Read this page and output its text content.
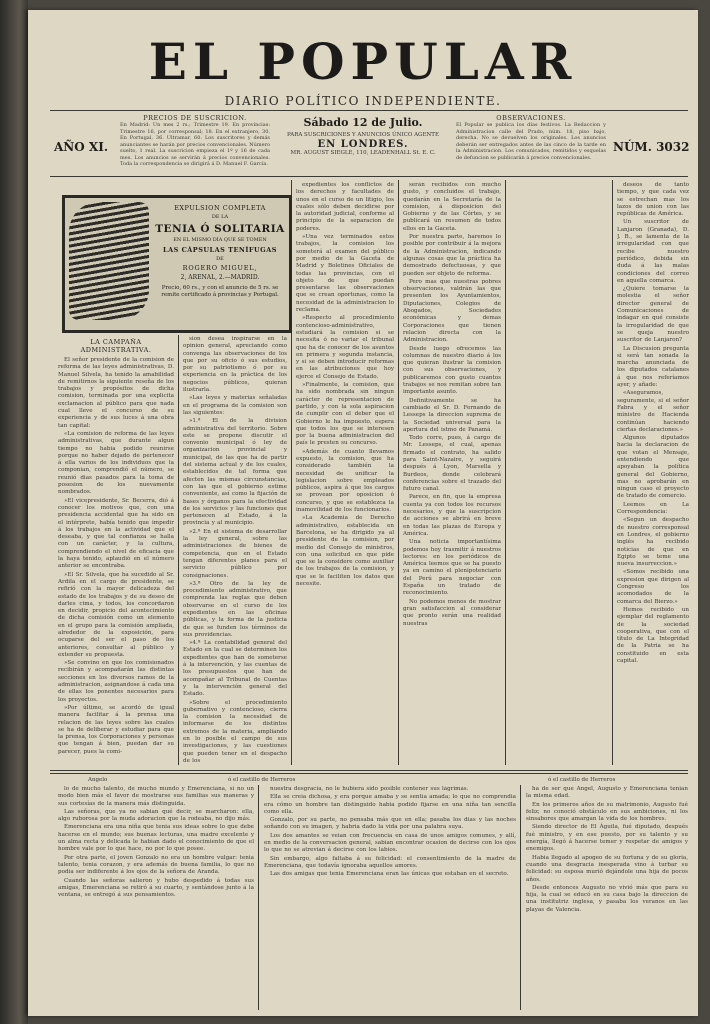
EL POPULAR
DIARIO POLÍTICO INDEPENDIENTE.
AÑO XI.
PRECIOS DE SUSCRICION.
En Madrid: Un mes 2 rs.; Trimestre 19. En provincias: Trimestre 16, por corresponsal; 18. En el extranjero, 30. En Portugal, 36. Ultramar, 60. Los suscritores y demás anunciantes se harán por precios convencionales. Número suelto, 1 real. La suscricion empieza el 1º y 16 de cada mes. Los anuncios se servirán á precios convencionales. Toda la correspondencia se dirigirá á D. Manuel F. García.
Sábado 12 de Julio.
PARA SUSCRICIONES Y ANUNCIOS ÚNICO AGENTE
EN LONDRES.
MR. AUGUST SIEGLE, 110, LEADENHALL St. E. C.
OBSERVACIONES.
El Popular se publica los días festivos. La Redaccion y Administracion calle del Prado, núm. 18, piso bajo, derecha. No se devuelven los originales. Los anuncios deberán ser entregados antes de las cinco de la tarde en la Administracion. Los comunicados, remitidos y esquelas de defuncion se publicarán á precios convencionales.
NÚM. 3032
EXPULSION COMPLETA
DE LA
TENIA Ó SOLITARIA
EN EL MISMO DÍA QUE SE TOMEN
LAS CÁPSULAS TENÍFUGAS
DE
ROGERO MIGUEL,
2, ARENAL, 2.—MADRID.
Precio, 60 rs., y con el anuncio de 5 rs. se remite certificado á provincias y Portugal.
LA CAMPAÑA ADMINISTRATIVA.

El señor presidente de la comision de reforma de las leyes administrativas, D. Manuel Silvela, ha tenido la amabilidad de remitirnos la siguiente reseña de los trabajos y propósitos de dicha comision, terminada por una explicita exclamacion al público para que nada cual lleve el concurso de su experiencia y de sus luces á una obra tan capital:

«La comision de reforma de las leyes administrativas, que durante algun tiempo no habia podido reunirse porque no haber dejado de pertenecer á ella varios de los individuos que la componian, comprendió el número, se reunió dias pasados para la toma de posesion de los nuevamente nombrados.

»El vicepresidente, Sr. Becerra, dió á conocer los motivos que, con una presidencia accidental que ha sido en el intérprete, había tenido que impedir á los trabajos en la actividad que el deseaba, y que tal confianza se halla con un carácter, y la cultura, comprendiendo el nivel de eficacia que la haya tenido, aplaudió en el número anterior se encontraba.

»El Sr. Silvela, que ha sucedido al Sr. Ardila en el cargo de presidente, se refirió con la mayor delicadeza del estado de los trabajos y de su deseo de darles cima, y todos, los concordaron en decidir, propicio del acontecimiento de dicha comisión como un elemento en el grupo para la comisión ampliada, alrededor de la exposición, para ocuparse del ser el paso de los anteriores, consultar al público y extender su propuesta.

»Se convino en que los comisionados recibirán y acompañarán las distintas secciones en los diversos ramos de la administracion, asignandose á cada una de ellas los ponentes necesarios para los proyectos.

»Por último, se acordó de igual manera facilitar á la prensa una relacion de las leyes sobre las cuales se ha de deliberar y estudiar para que la prensa, los Corporaciones y personas que tengan á bien, puedan dar su parecer, pues la comi-

sion desea inspirarse en la opinion general, apreciando como convenga las observaciones de los que por su oficio ó sus estudios, por su patriotismo ó por su experiencia en la práctica de los negocios públicos, quieran ilustrarla.

»Las leyes y materias señaladas en el programa de la comision son las siguientes:

»1.ª El de la division administrativa del territorio. Sobre este se propone discutir el convenio municipal ó ley de organizacion provincial y municipal, de las que ha de partir del sistema actual y de los cuales, establecidos de tal forma que afecten las mismas circunstancias, con las que el gobierno estime conveniente, así como la fijación de bases y órganos para la efectividad de los servicios y las funciones que pertenecen al Estado, á la provincia y al municipio.

»2.ª En el sistema de desarrollar la ley general, sobre las administraciones de bienes de competencia, que en el Estado tengan diferentes planes para el servicio público por consignaciones.

»3.ª Otro de la ley de procedimiento administrativo, que comprenda las reglas que deben observarse en el curso de los expedientes en las oficinas públicas, y la forma de la justicia de que se funden los términos de sus providencias.

»4.ª La contabilidad general del Estado en la cual se determinen los expedientes que han de someterse á la intervención, y las cuentas de los presupuestos que han de acompañar al Tribunal de Cuentas y la intervención general del Estado.

»Sobre el procedimiento gubernativo y contencioso, cierra la comision la necesidad de informarse de los distintos extremos de la materia, ampliando en lo posible el campo de sus investigaciones, y las cuestiones que pueden tener en el despacho de los

expedientes los conflictos de los derechos y facultades de unos en el curso de un litigio, los cuales sólo deben decidirse por la autoridad judicial, conforme al principio de la separacion de poderes.

»Una vez terminados estos trabajos, la comision los someterá al examen del público por medio de la Gaceta de Madrid y Boletines Oficiales de todas las provincias, con el objeto de que puedan presentarse las observaciones que se crean oportunas, como la necesidad de la administracion lo reclama.

»Respecto al procedimiento contencioso-administrativo, estudiará la comision si se necesita ó no variar el tribunal que ha de conocer de los asuntos en primera y segunda instancia, y si se deben introducir reformas en las atribuciones que hoy ejerce el Consejo de Estado.

»Finalmente, la comision, que ha sido nombrada sin ningun carácter de representacion de partido, y con la sola aspiracion de cumplir con el deber que el Gobierno le ha impuesto, espera que todos los que se interesen por la buena administracion del país le presten su concurso.

»Además de cuanto llevamos expuesto, la comision, que ha considerado también la necesidad de unificar la legislacion sobre empleados públicos, aspira á que los cargos se provean por oposicion ó concurso, y que se establezca la inamovilidad de los funcionarios.

»La Academia de Derecho administrativo, establecida en Barcelona, se ha dirigido ya al presidente de la comision, por medio del Consejo de ministros, con una solicitud en que pide que se la considere como auxiliar de los trabajos de la comision, y que se le faciliten los datos que necesite.

serán recibidos con mucho gusto, y concluidos el trabajo, quedarán en la Secretaría de la comision, á disposicion del Gobierno y de las Córtes, y se publicará un resumen de todos ellos en la Gaceta.

Por nuestra parte, haremos lo posible por contribuir á la mejora de la Administracion, indicando algunas cosas que la práctica ha demostrado defectuosas, y que pueden ser objeto de reforma.

Pero mas que nuestras pobres observaciones, valdrán las que presenten los Ayuntamientos, Diputaciones, Colegios de Abogados, Sociedades económicas y demas Corporaciones que tienen relacion directa con la Administracion.

Desde luego ofrecemos las columnas de nuestro diario á los que quieran ilustrar la comision con sus observaciones, y publicaremos con gusto cuantos trabajos se nos remitan sobre tan importante asunto.

Definitivamente se ha cambiado el Sr. D. Fernando de Lesseps la direccion suprema de la Sociedad universal para la apertura del istmo de Panamá.

Todo corre, pues, á cargo de Mr. Lesseps, el cual, apenas firmado el contrato, ha salido para Saint-Nazaire, y seguirá después á Lyon, Marsella y Burdeos, donde celebrará conferencias sobre el trazado del futuro canal.

Parece, en fin, que la empresa cuenta ya con todos los recursos necesarios, y que la suscripcion de acciones se abrirá en breve en todas las plazas de Europa y América.

Una noticia importantísima podemos hoy trasmitir á nuestros lectores: en los periódicos de América leemos que se ha puesto ya en camino el plenipotenciario del Perú para negociar con España un tratado de reconocimiento.

No podemos menos de mostrar gran satisfaccion al considerar que pronto serán una realidad nuestras

deseos de tanto tiempo, y que cada vez se estrechan mas los lazos de union con las repúblicas de América.

Un suscritor de Lanjaron (Granada), D. J. B., se lamenta de la irregularidad con que recibe nuestro periódico, debida sin duda á las malas condiciones del correo en aquella comarca.

¿Quiere tomarse la molestia el señor director general de Comunicaciones de indagar en qué consiste la irregularidad de que se queja nuestro suscritor de Lanjaron?

La Discusion pregunta si será tan sonada la marcha anunciada de los diputados catalanes á que nos referíamos ayer, y añade:

«Aseguramos, seguramente, si el señor Fabra y el señor ministro de Hacienda continúan haciendo ciertas declaraciones.»

Algunos diputados hacia la declaracion de que votan el Mensaje, entendiendo que apoyaban la política general del Gobierno, mas no aprobarán en ningun caso el proyecto de tratado de comercio.

Leemos en La Correspondencia:

«Segun un despacho de nuestro corresponsal en Londres, el gobierno inglés ha recibido noticias de que en Egipto se teme una nueva insurreccion.»

«Somos recibido una expresion que dirigen al Congreso los acomodados de la comarca del Bierzo.»

Hemos recibido un ejemplar del reglamento de la sociedad cooperativa, que con el título de La Integridad de la Patria se ha constituido en esta capital.

Angelo	ó el castillo de Herreros	ó el castillo de Herreros

lo de mucho talento, de mucho mundo y Emerenciana, si no un modo bien más el favor de mostrarse sus familias sus maneras y sus cortesías de la manera más distinguida.

Las señoras, que ya no sabian qué decir, se marcharon: ella, algo ruborosa por la muda adoracion que la rodeaba, no dijo más.

Emerenciana era una niña que tenia sus ideas sobre lo que debe hacerse en el mundo; sus buenas lecturas, una madre excelente y un alma recta y delicada le habian dado el conocimiento de que el hombre vale por lo que hace, no por lo que posee.

Por otra parte, el joven Gonzalo no era un hombre vulgar: tenia talento, tenia corazon, y era además de buena familia, lo que no podia ser indiferente á los ojos de la señora de Aranda.

Cuando las señoras salieron y hubo despedido á todas sus amigas, Emerenciana se retiró á su cuarto, y sentándose junto á la ventana, se entregó á sus pensamientos.

nuestra desgracia, no le hubiera sido posible contener sus lágrimas.

Ella se creia dichosa, y era porque amaba y se sentia amada; lo que no comprendia era cómo un hombre tan distinguido habia podido fijarse en una niña tan sencilla como ella.

Gonzalo, por su parte, no pensaba más que en ella; pasaba los dias y las noches soñando con su imagen, y habria dado la vida por una palabra suya.

Los dos amantes se veian con frecuencia en casa de unos amigos comunes, y allí, en medio de la conversacion general, sabian encontrar ocasion de decirse con los ojos lo que no se atrevian á decirse con los labios.

Sin embargo, algo faltaba á su felicidad: el consentimiento de la madre de Emerenciana, que todavía ignoraba aquellos amores.

Las dos amigas que tenia Emerenciana eran las únicas que estaban en el secreto.

ha de ser que Angel, Augusto y Emerenciana tenian la misma edad.

En los primeros años de su matrimonio, Augusto fué feliz; no conoció obstáculo en sus ambiciones, ni los sinsabores que amargan la vida de los hombres.

Siendo director de El Águila, fué diputado, después fué ministro, y en ese puesto, por su talento y su energía, llegó á hacerse temer y respetar de amigos y enemigos.

Habia llegado al apogeo de su fortuna y de su gloria, cuando una desgracia inesperada vino á turbar su felicidad: su esposa murió dejándole una hija de pocos años.

Desde entonces Augusto no vivió más que para su hija, la cual se educó en su casa bajo la direccion de una institutriz inglesa, y pasaba los veranos en las playas de Valencia.
